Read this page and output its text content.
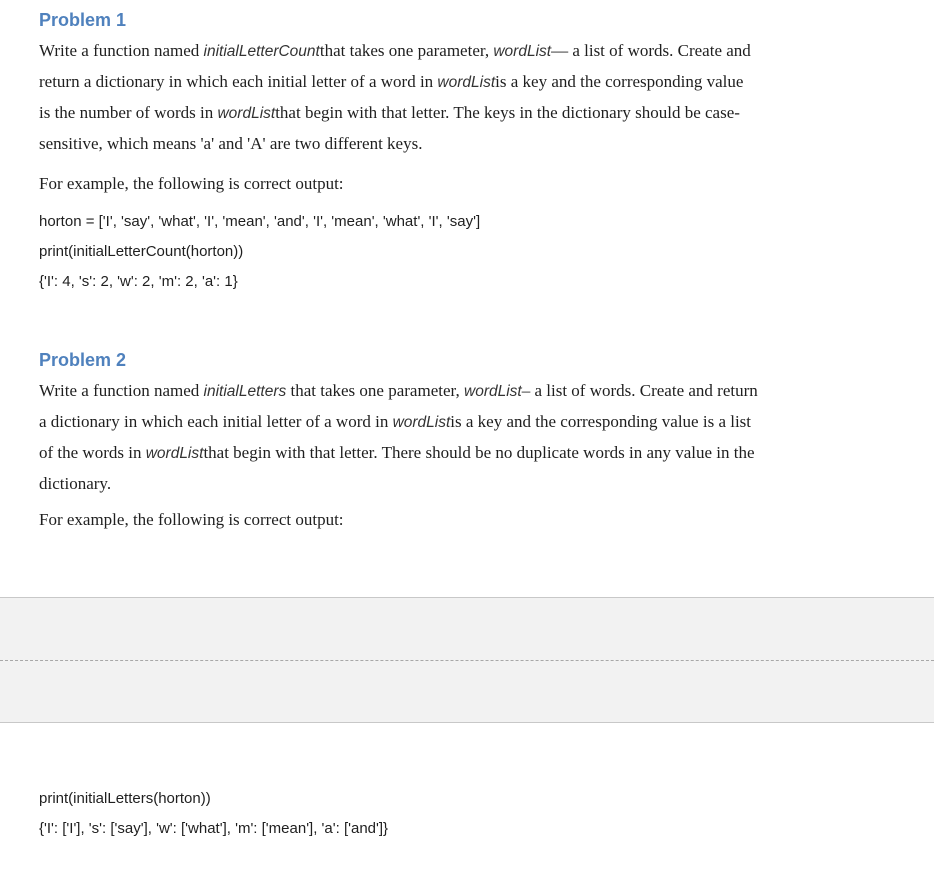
Problem 1

Write a function named initialLetterCountthat takes one parameter, wordList— a list of words. Create and
return a dictionary in which each initial letter of a word in wordListis a key and the corresponding value
is the number of words in wordListthat begin with that letter. The keys in the dictionary should be case-
sensitive, which means 'a' and 'A' are two different keys.

For example, the following is correct output:

horton = ['I', 'say', 'what', 'I', 'mean', 'and', 'I', 'mean', 'what', 'I', 'say']

print(initialLetterCount(horton))

{'I': 4, 's': 2, 'w': 2, 'm': 2, 'a': 1}

Problem 2

Write a function named initialLetters that takes one parameter, wordList– a list of words. Create and return
a dictionary in which each initial letter of a word in wordListis a key and the corresponding value is a list
of the words in wordListthat begin with that letter. There should be no duplicate words in any value in the
dictionary.

For example, the following is correct output:

print(initialLetters(horton))

{'I': ['I'], 's': ['say'], 'w': ['what'], 'm': ['mean'], 'a': ['and']}
